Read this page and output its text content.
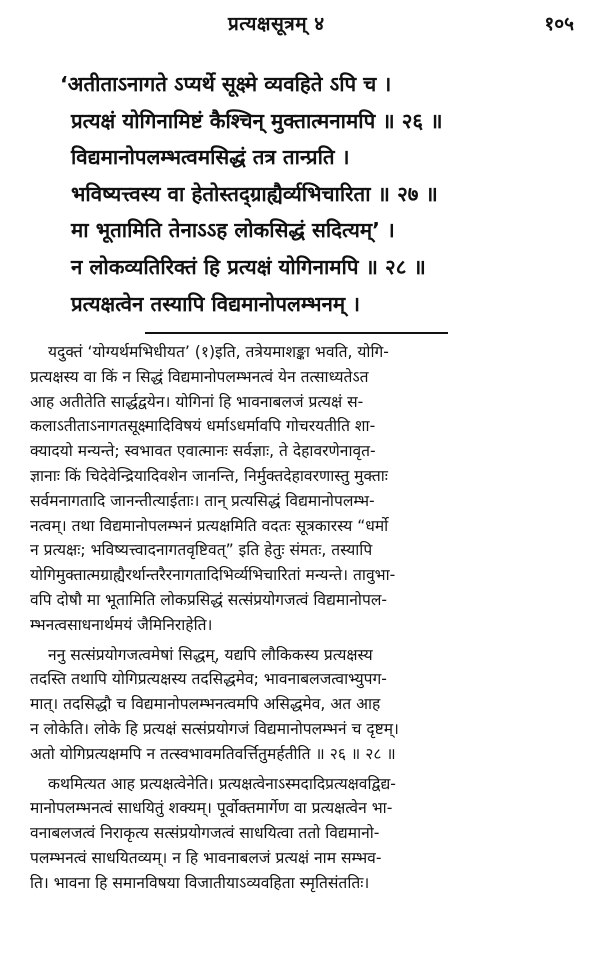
प्रत्यक्षसूत्रम् ४	१०५
‘अतीताऽनागते ऽप्यर्थे सूक्ष्मे व्यवहिते ऽपि च ।
प्रत्यक्षं योगिनामिष्टं कैश्चिन् मुक्तात्मनामपि ॥ २६ ॥
विद्यमानोपलम्भत्वमसिद्धं तत्र तान्प्रति ।
भविष्यत्त्वस्य वा हेतोस्तद्ग्राह्यैर्व्यभिचारिता ॥ २७ ॥
मा भूतामिति तेनाऽऽह लोकसिद्धं सदित्यम्’ ।
न लोकव्यतिरिक्तं हि प्रत्यक्षं योगिनामपि ॥ २८ ॥
प्रत्यक्षत्वेन तस्यापि विद्यमानोपलम्भनम् ।
यदुक्तं ‘योग्यर्थमभिधीयत’ (१)इति, तत्रेयमाशङ्का भवति, योगि-
प्रत्यक्षस्य वा किं न सिद्धं विद्यमानोपलम्भनत्वं येन तत्साध्यतेऽत
आह अतीतेति सार्द्धद्वयेन। योगिनां हि भावनाबलजं प्रत्यक्षं स-
कलाऽतीताऽनागतसूक्ष्मादिविषयं धर्माऽधर्मावपि गोचरयतीति शा-
क्यादयो मन्यन्ते; स्वभावत एवात्मानः सर्वज्ञाः, ते देहावरणेनावृत-
ज्ञानाः किं चिदेवेन्द्रियादिवशेन जानन्ति, निर्मुक्तदेहावरणास्तु मुक्ताः
सर्वमनागतादि जानन्तीत्याईताः। तान् प्रत्यसिद्धं विद्यमानोपलम्भ-
नत्वम्। तथा विद्यमानोपलम्भनं प्रत्यक्षमिति वदतः सूत्रकारस्य “धर्मो
न प्रत्यक्षः; भविष्यत्त्वादनागतवृष्टिवत्” इति हेतुः संमतः, तस्यापि
योगिमुक्तात्मग्राह्यैरर्थान्तरैरनागतादिभिर्व्यभिचारितां मन्यन्ते। तावुभा-
वपि दोषौ मा भूतामिति लोकप्रसिद्धं सत्संप्रयोगजत्वं विद्यमानोपल-
म्भनत्वसाधनार्थमयं जैमिनिराहेति।
ननु सत्संप्रयोगजत्वमेषां सिद्धम्, यद्यपि लौकिकस्य प्रत्यक्षस्य
तदस्ति तथापि योगिप्रत्यक्षस्य तदसिद्धमेव; भावनाबलजत्वाभ्युपग-
मात्। तदसिद्धौ च विद्यमानोपलम्भनत्वमपि असिद्धमेव, अत आह
न लोकेति। लोके हि प्रत्यक्षं सत्संप्रयोगजं विद्यमानोपलम्भनं च दृष्टम्।
अतो योगिप्रत्यक्षमपि न तत्स्वभावमतिवर्त्तितुमर्हतीति ॥ २६ ॥ २८ ॥
कथमित्यत आह प्रत्यक्षत्वेनेति। प्रत्यक्षत्वेनाऽस्मदादिप्रत्यक्षवद्विद्य-
मानोपलम्भनत्वं साधयितुं शक्यम्। पूर्वोक्तमार्गेण वा प्रत्यक्षत्वेन भा-
वनाबलजत्वं निराकृत्य सत्संप्रयोगजत्वं साधयित्वा ततो विद्यमानो-
पलम्भनत्वं साधयितव्यम्। न हि भावनाबलजं प्रत्यक्षं नाम सम्भव-
ति। भावना हि समानविषया विजातीयाऽव्यवहिता स्मृतिसंततिः।
